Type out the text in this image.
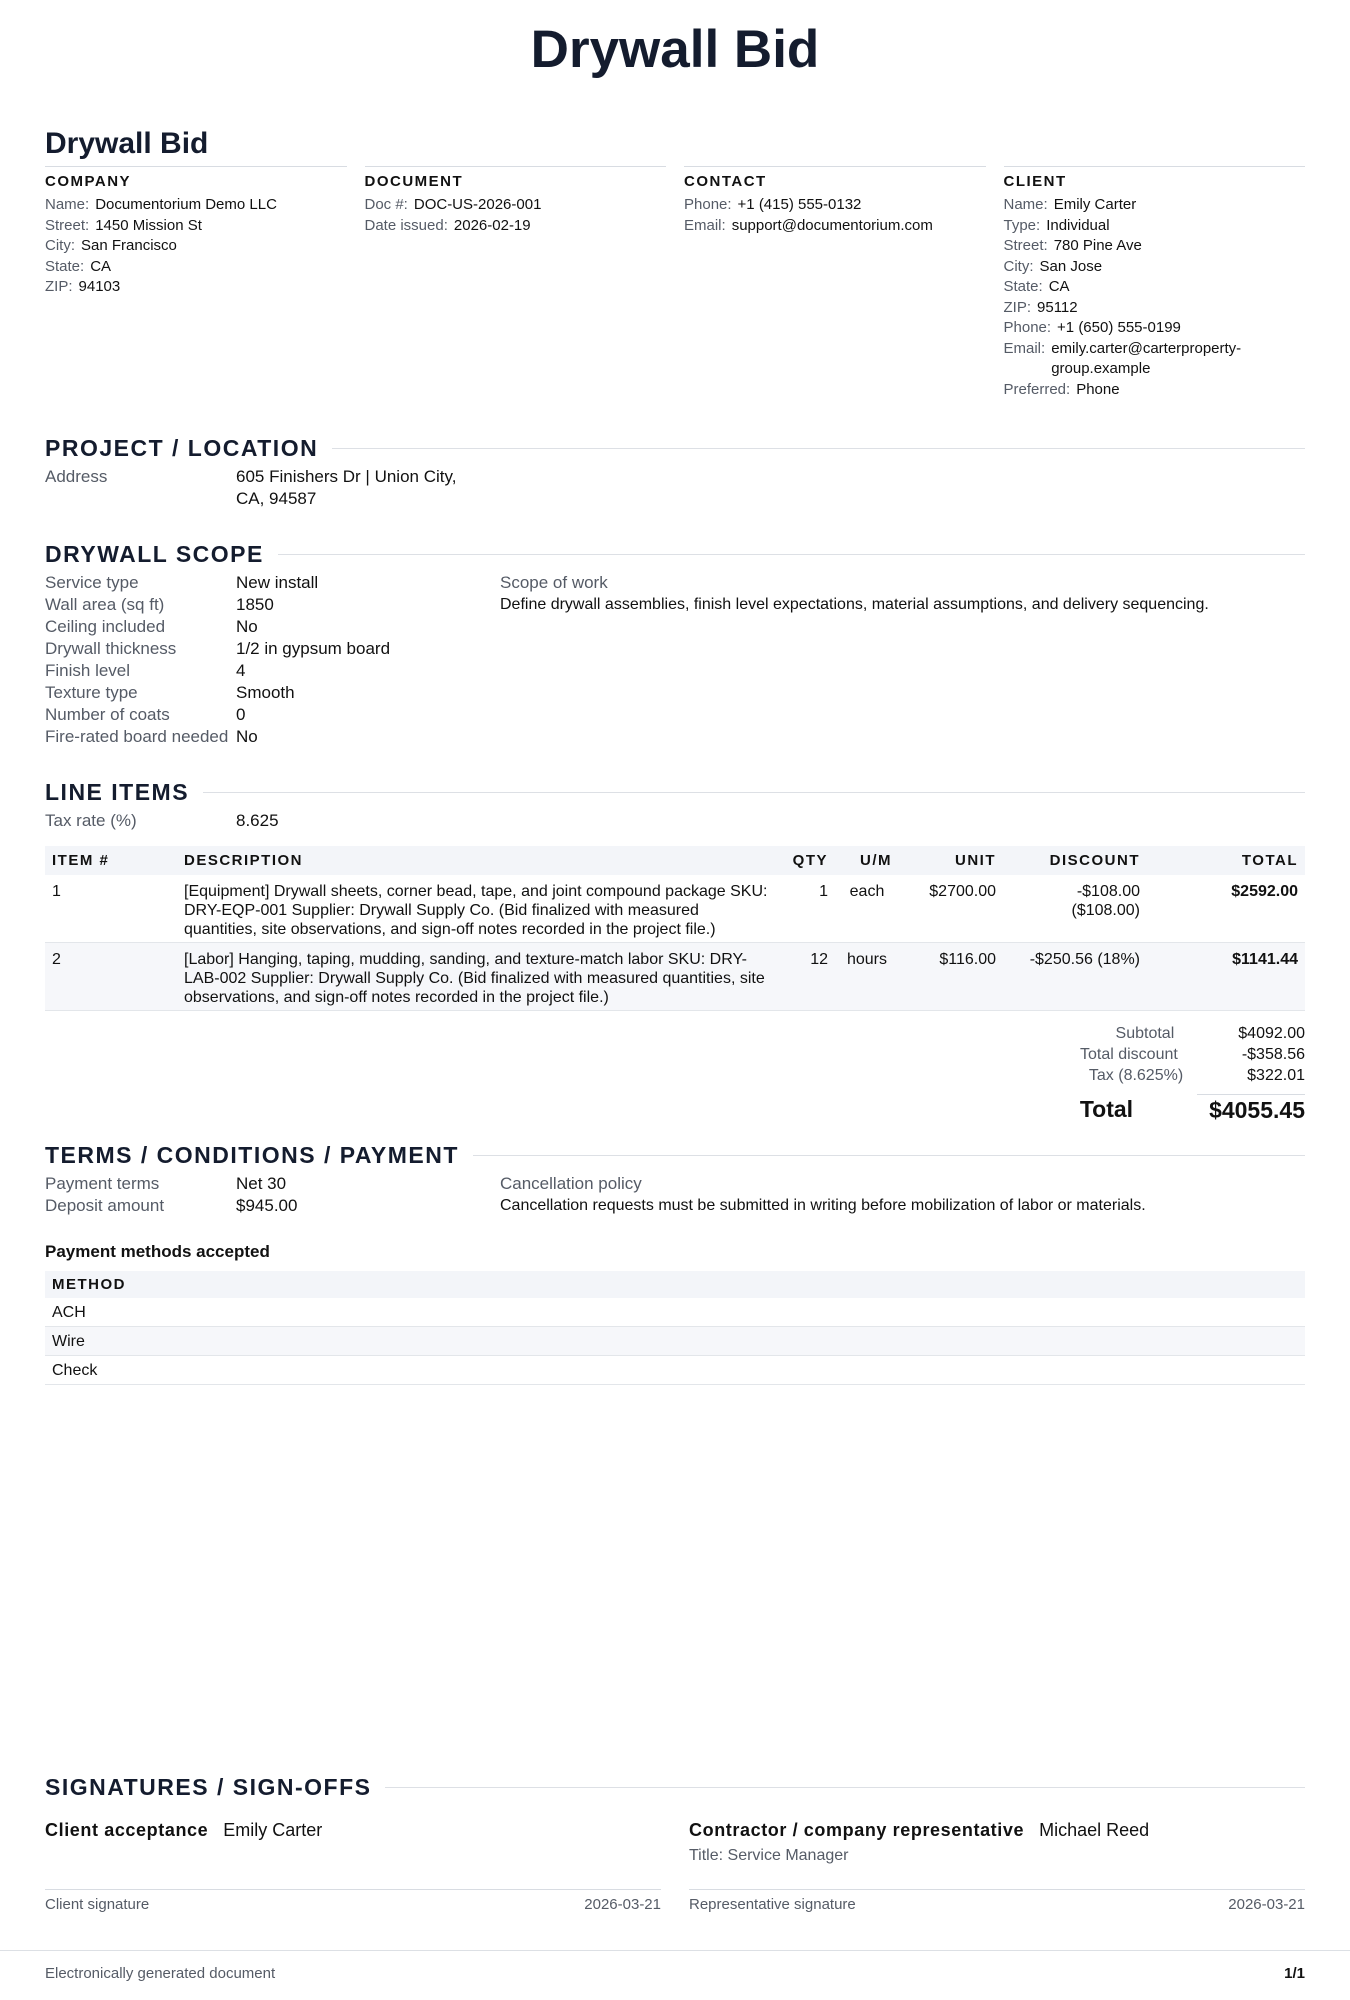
Drywall Bid
Drywall Bid
COMPANY
Name: Documentorium Demo LLC
Street: 1450 Mission St
City: San Francisco
State: CA
ZIP: 94103
DOCUMENT
Doc #: DOC-US-2026-001
Date issued: 2026-02-19
CONTACT
Phone: +1 (415) 555-0132
Email: support@documentorium.com
CLIENT
Name: Emily Carter
Type: Individual
Street: 780 Pine Ave
City: San Jose
State: CA
ZIP: 95112
Phone: +1 (650) 555-0199
Email: emily.carter@carterproperty-group.example
Preferred: Phone
PROJECT / LOCATION
Address	605 Finishers Dr | Union City, CA, 94587
DRYWALL SCOPE
Service type	New install
Wall area (sq ft)	1850
Ceiling included	No
Drywall thickness	1/2 in gypsum board
Finish level	4
Texture type	Smooth
Number of coats	0
Fire-rated board needed No
Scope of work
Define drywall assemblies, finish level expectations, material assumptions, and delivery sequencing.
LINE ITEMS
Tax rate (%)	8.625
ITEM #	DESCRIPTION	QTY	U/M	UNIT	DISCOUNT	TOTAL
1	[Equipment] Drywall sheets, corner bead, tape, and joint compound package SKU: DRY-EQP-001 Supplier: Drywall Supply Co. (Bid finalized with measured quantities, site observations, and sign-off notes recorded in the project file.)	1	each	$2700.00	-$108.00 ($108.00)	$2592.00
2	[Labor] Hanging, taping, mudding, sanding, and texture-match labor SKU: DRY-LAB-002 Supplier: Drywall Supply Co. (Bid finalized with measured quantities, site observations, and sign-off notes recorded in the project file.)	12	hours	$116.00	-$250.56 (18%)	$1141.44
Subtotal	$4092.00
Total discount	-$358.56
Tax (8.625%)	$322.01
Total	$4055.45
TERMS / CONDITIONS / PAYMENT
Payment terms	Net 30
Deposit amount	$945.00
Cancellation policy
Cancellation requests must be submitted in writing before mobilization of labor or materials.
Payment methods accepted
METHOD
ACH
Wire
Check
SIGNATURES / SIGN-OFFS
Client acceptance Emily Carter
Client signature	2026-03-21
Contractor / company representative Michael Reed
Title: Service Manager
Representative signature	2026-03-21
Electronically generated document	1/1
